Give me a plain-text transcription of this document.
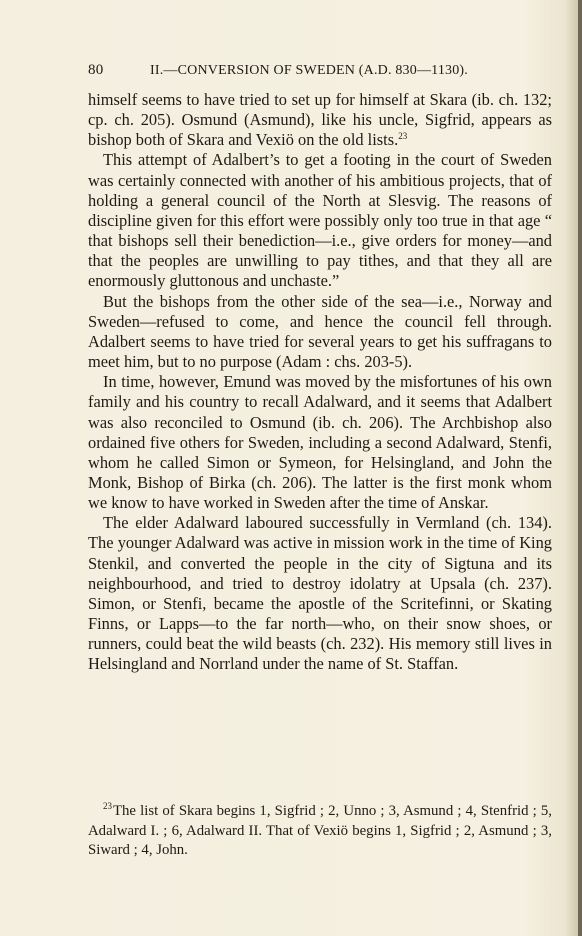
80	II.—CONVERSION OF SWEDEN (A.D. 830—1130).

himself seems to have tried to set up for himself at Skara (ib. ch. 132; cp. ch. 205). Osmund (Asmund), like his uncle, Sigfrid, appears as bishop both of Skara and Vexiö on the old lists.$^{23}$

This attempt of Adalbert’s to get a footing in the court of Sweden was certainly connected with another of his ambitious projects, that of holding a general council of the North at Slesvig. The reasons of discipline given for this effort were possibly only too true in that age “ that bishops sell their benediction—i.e., give orders for money—and that the peoples are unwilling to pay tithes, and that they all are enormously gluttonous and unchaste.”

But the bishops from the other side of the sea—i.e., Norway and Sweden—refused to come, and hence the council fell through. Adalbert seems to have tried for several years to get his suffragans to meet him, but to no purpose (Adam : chs. 203-5).

In time, however, Emund was moved by the misfortunes of his own family and his country to recall Adalward, and it seems that Adalbert was also reconciled to Osmund (ib. ch. 206). The Archbishop also ordained five others for Sweden, including a second Adalward, Stenfi, whom he called Simon or Symeon, for Helsingland, and John the Monk, Bishop of Birka (ch. 206). The latter is the first monk whom we know to have worked in Sweden after the time of Anskar.

The elder Adalward laboured successfully in Vermland (ch. 134). The younger Adalward was active in mission work in the time of King Stenkil, and converted the people in the city of Sigtuna and its neighbourhood, and tried to destroy idolatry at Upsala (ch. 237). Simon, or Stenfi, became the apostle of the Scritefinni, or Skating Finns, or Lapps—to the far north—who, on their snow shoes, or runners, could beat the wild beasts (ch. 232). His memory still lives in Helsingland and Norrland under the name of St. Staffan.

$^{23}$The list of Skara begins 1, Sigfrid ; 2, Unno ; 3, Asmund ; 4, Stenfrid ; 5, Adalward I. ; 6, Adalward II. That of Vexiö begins 1, Sigfrid ; 2, Asmund ; 3, Siward ; 4, John.
